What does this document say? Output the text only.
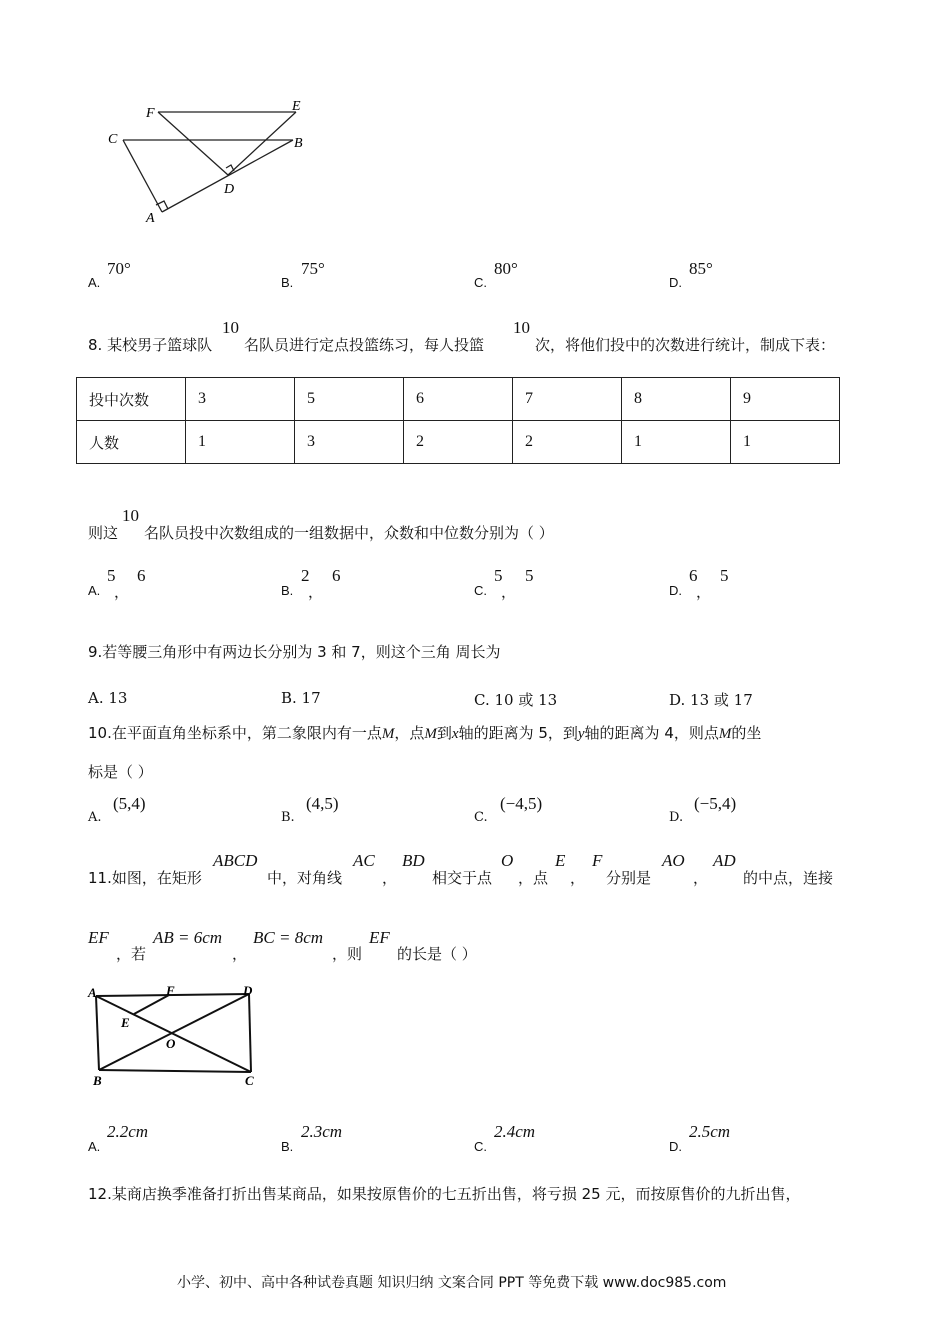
F	E
C	B
D
A
A.
70°
B.
75°
C.
80°
D.
85°
8. 某校男子篮球队
10
名队员进行定点投篮练习，每人投篮
10
次，将他们投中的次数进行统计，制成下表：
投中次数	3	5	6	7	8	9
人数	1	3	2	2	1	1
则这
10
名队员投中次数组成的一组数据中，众数和中位数分别为（ ）
A.
5
，
6
B.
2
，
6
C.
5
，
5
D.
6
，
5
9.若等腰三角形中有两边长分别为 3 和 7，则这个三角 周长为
A. 13	B. 17	C. 10 或 13	D. 13 或 17
10.在平面直角坐标系中，第二象限内有一点M，点M到x轴的距离为 5，到y轴的距离为 4，则点M的坐
标是（ ）
A.
(5,4)
B.
(4,5)
C.
(−4,5)
D.
(−5,4)
11.如图，在矩形
ABCD
中，对角线
AC
，
BD
相交于点
O
，点
E
，
F
分别是
AO
，
AD
的中点，连接
EF
，若
AB = 6cm
，
BC = 8cm
，则
EF
的长是（ ）
A	F	D
E
O
B	C
A.
2.2cm
B.
2.3cm
C.
2.4cm
D.
2.5cm
12.某商店换季准备打折出售某商品，如果按原售价的七五折出售，将亏损 25 元，而按原售价的九折出售，
小学、初中、高中各种试卷真题 知识归纳 文案合同 PPT 等免费下载 www.doc985.com
